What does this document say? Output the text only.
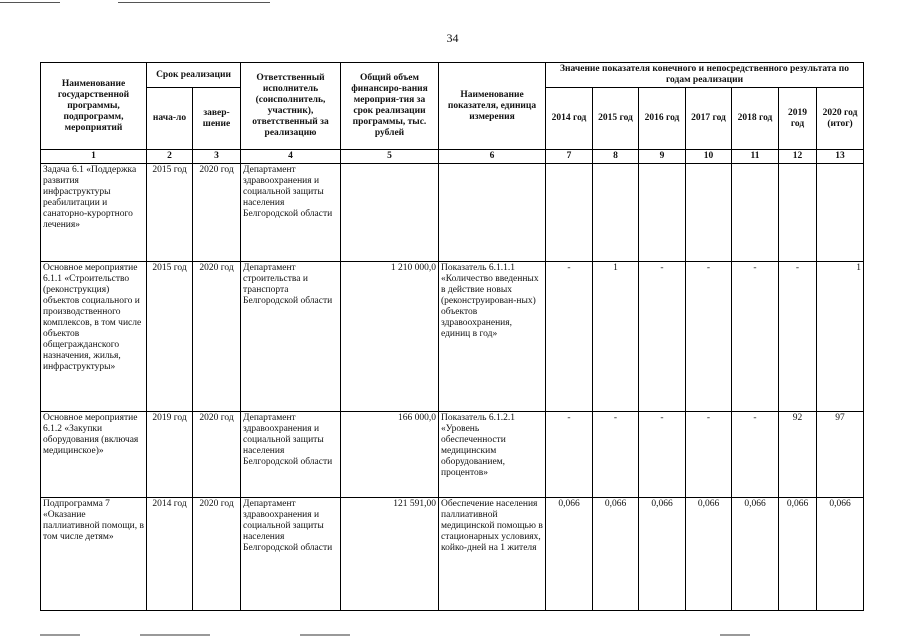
34
Наименование государственной программы, подпрограмм, мероприятий	Срок реализации		Ответственный исполнитель (соисполнитель, участник), ответственный за реализацию	Общий объем финансиро-вания мероприя-тия за срок реализации программы, тыс. рублей	Наименование показателя, единица измерения	Значение показателя конечного и непосредственного результата по годам реализации						
	нача-ло	завер-шение				2014 год	2015 год	2016 год	2017 год	2018 год	2019 год	2020 год (итог)
1	2	3	4	5	6	7	8	9	10	11	12	13
Задача 6.1 «Поддержка развития инфраструктуры реабилитации и санаторно-курортного лечения»	2015 год	2020 год	Департамент здравоохранения и социальной защиты населения Белгородской области									
Основное мероприятие 6.1.1 «Строительство (реконструкция) объектов социального и производственного комплексов, в том числе объектов общегражданского назначения, жилья, инфраструктуры»	2015 год	2020 год	Департамент строительства и транспорта Белгородской области	1 210 000,0	Показатель 6.1.1.1 «Количество введенных в действие новых (реконструирован-ных) объектов здравоохранения, единиц в год»	-	1	-	-	-	-	1
Основное мероприятие 6.1.2 «Закупки оборудования (включая медицинское)»	2019 год	2020 год	Департамент здравоохранения и социальной защиты населения Белгородской области	166 000,0	Показатель 6.1.2.1 «Уровень обеспеченности медицинским оборудованием, процентов»	-	-	-	-	-	92	97
Подпрограмма 7 «Оказание паллиативной помощи, в том числе детям»	2014 год	2020 год	Департамент здравоохранения и социальной защиты населения Белгородской области	121 591,00	Обеспечение населения паллиативной медицинской помощью в стационарных условиях, койко-дней на 1 жителя	0,066	0,066	0,066	0,066	0,066	0,066	0,066
